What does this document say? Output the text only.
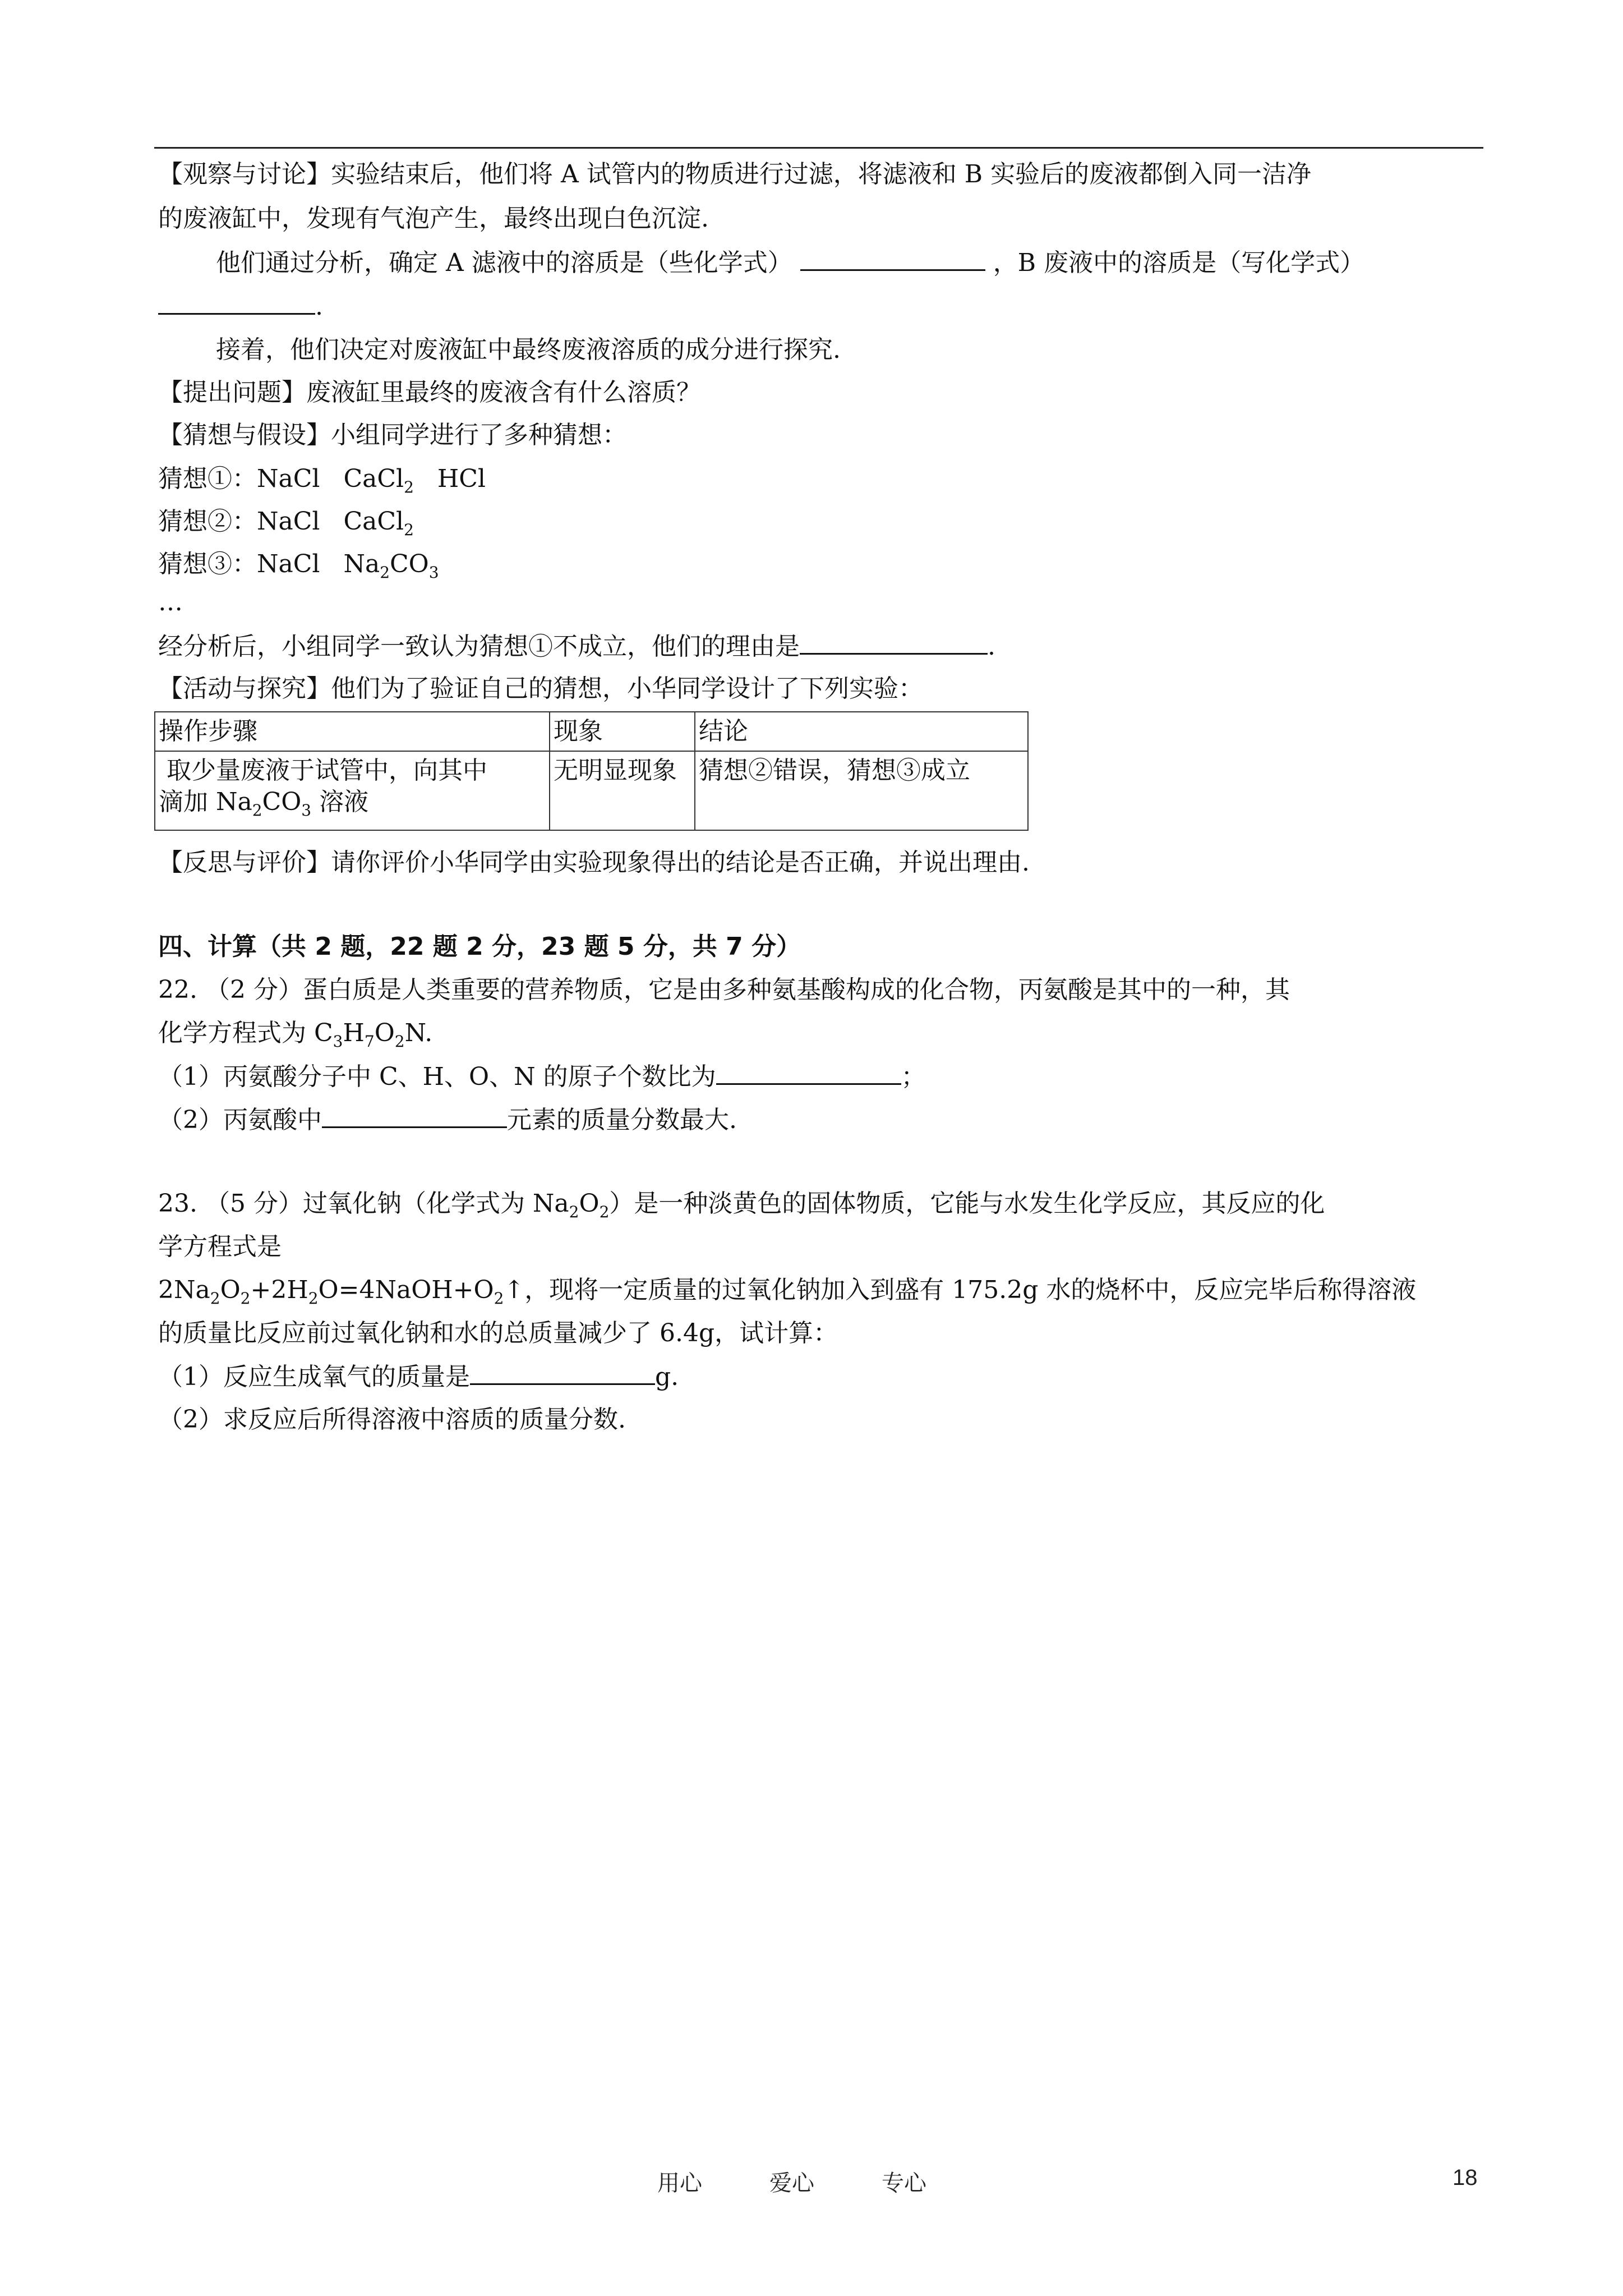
【观察与讨论】实验结束后，他们将 A 试管内的物质进行过滤，将滤液和 B 实验后的废液都倒入同一洁净
的废液缸中，发现有气泡产生，最终出现白色沉淀.
他们通过分析，确定 A 滤液中的溶质是（些化学式）	，B 废液中的溶质是（写化学式）
.
接着，他们决定对废液缸中最终废液溶质的成分进行探究.
【提出问题】废液缸里最终的废液含有什么溶质？
【猜想与假设】小组同学进行了多种猜想：
猜想①：NaCl CaCl$_2$ HCl
猜想②：NaCl CaCl$_2$
猜想③：NaCl $Na_2CO_3$
…
经分析后，小组同学一致认为猜想①不成立，他们的理由是	.
【活动与探究】他们为了验证自己的猜想，小华同学设计了下列实验：
操作步骤	现象	结论

取少量废液于试管中，向其中
滴加 $Na_2CO_3$ 溶液	无明显现象	猜想②错误，猜想③成立
【反思与评价】请你评价小华同学由实验现象得出的结论是否正确，并说出理由.
四、计算（共 2 题，22 题 2 分，23 题 5 分，共 7 分）
22. （2 分）蛋白质是人类重要的营养物质，它是由多种氨基酸构成的化合物，丙氨酸是其中的一种，其
化学方程式为 $C_3H_7O_2N$.
（1）丙氨酸分子中 C、H、O、N 的原子个数比为	；
（2）丙氨酸中	元素的质量分数最大.
23. （5 分）过氧化钠（化学式为 $Na_2O_2$）是一种淡黄色的固体物质，它能与水发生化学反应，其反应的化
学方程式是
$2Na_2O_2+2H_2O=4NaOH+O_2↑$，现将一定质量的过氧化钠加入到盛有 175.2g 水的烧杯中，反应完毕后称得溶液
的质量比反应前过氧化钠和水的总质量减少了 6.4g，试计算：
（1）反应生成氧气的质量是	g.
（2）求反应后所得溶液中溶质的质量分数.
用心	爱心	专心	18
